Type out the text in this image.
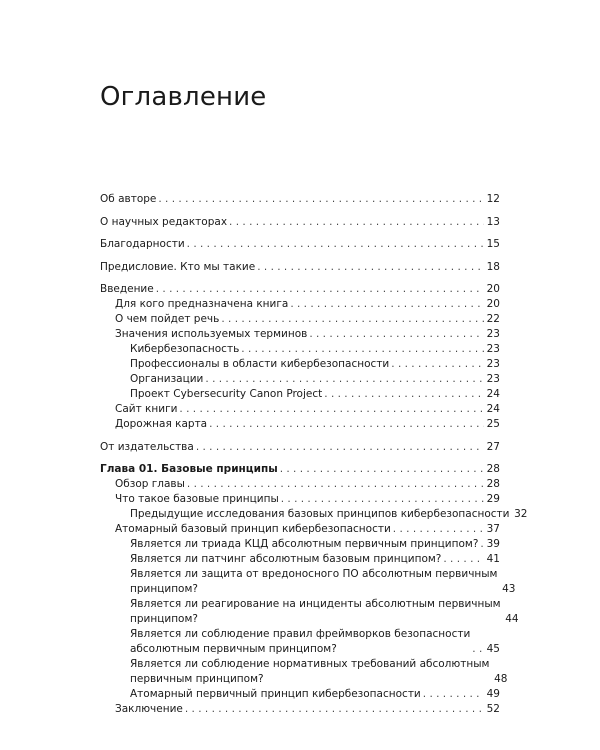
Оглавление
Об авторе . . .	12
О научных редакторах . . .	13
Благодарности . . .	15
Предисловие. Кто мы такие . . .	18
Введение . . .	20
Для кого предназначена книга . . .	20
О чем пойдет речь . . .	22
Значения используемых терминов . . .	23
Кибербезопасность . . .	23
Профессионалы в области кибербезопасности . . .	23
Организации . . .	23
Проект Cybersecurity Canon Project . . .	24
Сайт книги . . .	24
Дорожная карта . . .	25
От издательства . . .	27
Глава 01. Базовые принципы . . .	28
Обзор главы . . .	28
Что такое базовые принципы . . .	29
Предыдущие исследования базовых принципов кибербезопасности 32
Атомарный базовый принцип кибербезопасности . . .	37
Является ли триада КЦД абсолютным первичным принципом? . . . 39
Является ли патчинг абсолютным базовым принципом? . . .	41
Является ли защита от вредоносного ПО абсолютным первичным
принципом?	43
Является ли реагирование на инциденты абсолютным первичным
принципом?	44
Является ли соблюдение правил фреймворков безопасности
абсолютным первичным принципом? . . .	45
Является ли соблюдение нормативных требований абсолютным
первичным принципом?	48
Атомарный первичный принцип кибербезопасности . . .	49
Заключение . . .	52
